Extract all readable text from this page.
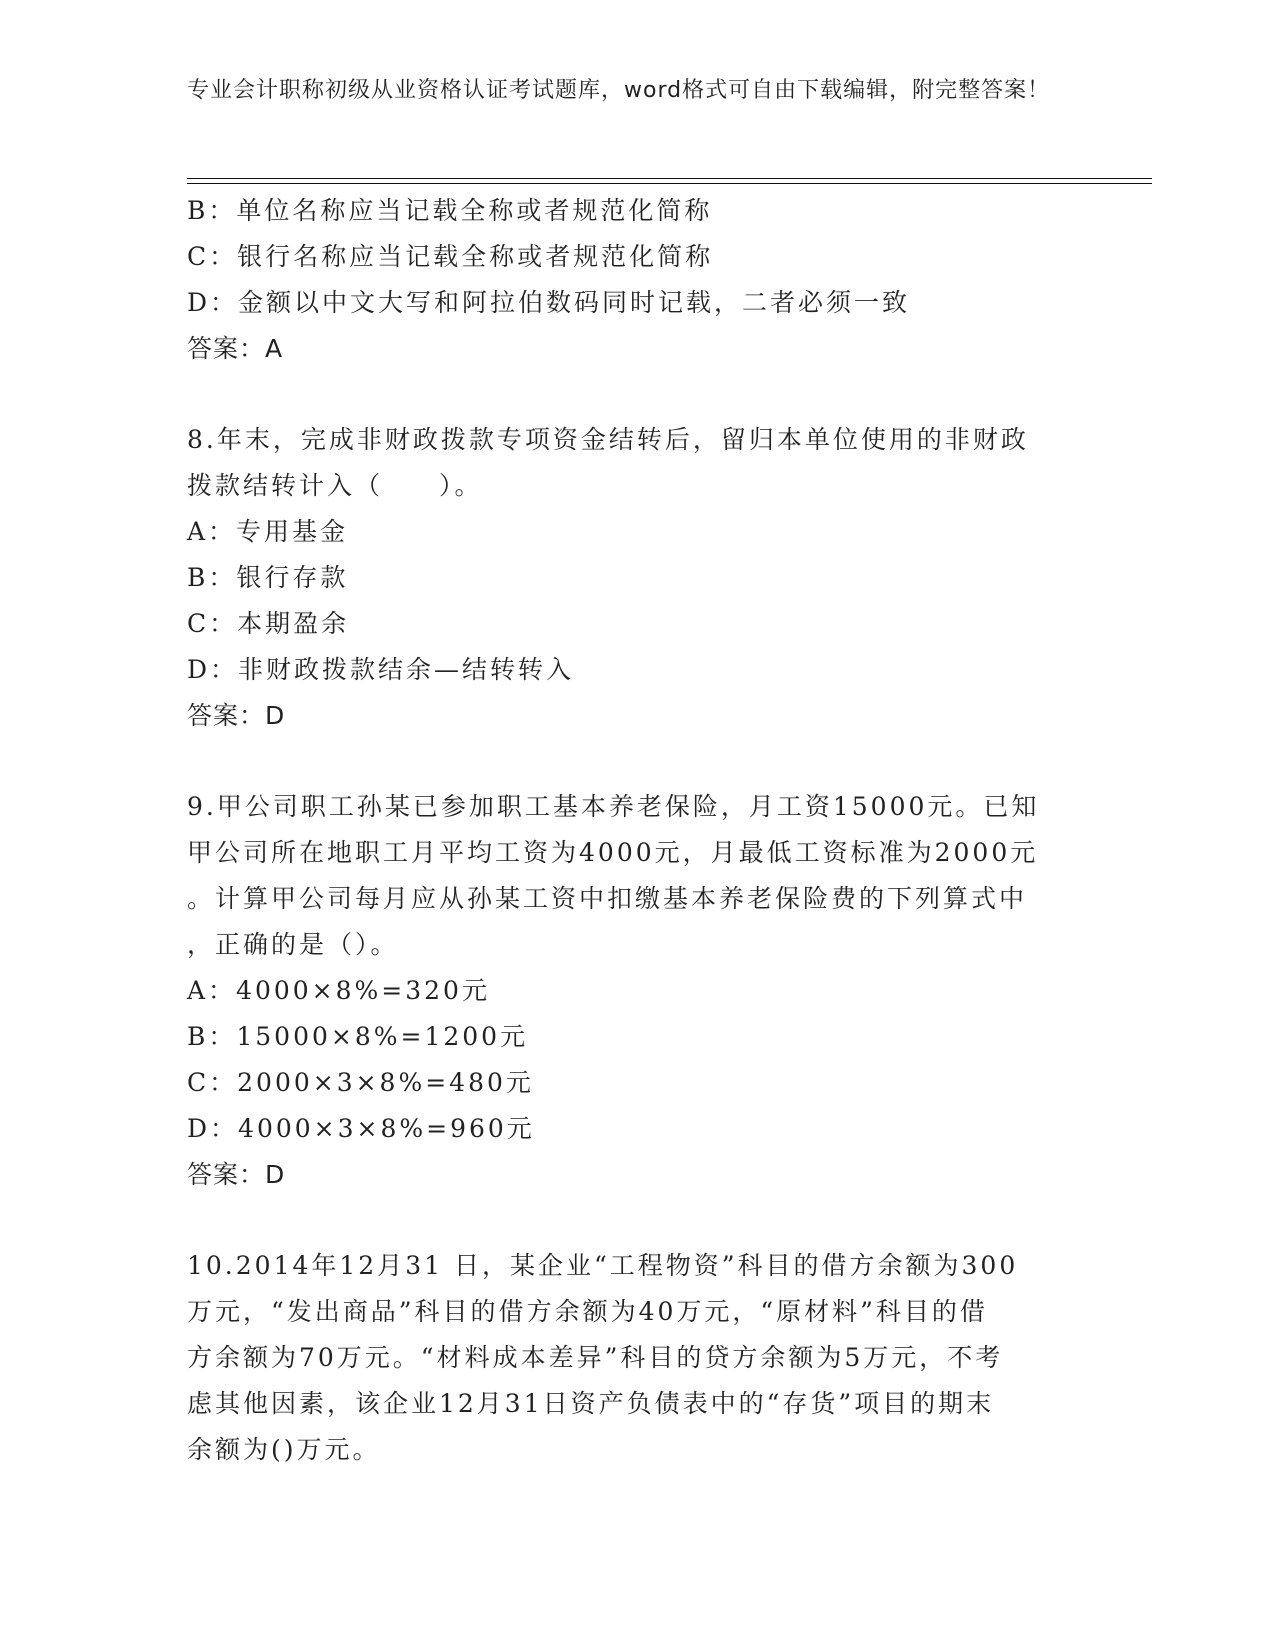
专业会计职称初级从业资格认证考试题库，word格式可自由下载编辑，附完整答案！
B：单位名称应当记载全称或者规范化简称
C：银行名称应当记载全称或者规范化简称
D：金额以中文大写和阿拉伯数码同时记载，二者必须一致
答案：A
8.年末，完成非财政拨款专项资金结转后，留归本单位使用的非财政
拨款结转计入（　　）。
A：专用基金
B：银行存款
C：本期盈余
D：非财政拨款结余—结转转入
答案：D
9.甲公司职工孙某已参加职工基本养老保险，月工资15000元。已知
甲公司所在地职工月平均工资为4000元，月最低工资标准为2000元
。计算甲公司每月应从孙某工资中扣缴基本养老保险费的下列算式中
，正确的是（）。
A：4000×8%=320元
B：15000×8%=1200元
C：2000×3×8%=480元
D：4000×3×8%=960元
答案：D
10.2014年12月31 日，某企业“工程物资”科目的借方余额为300
万元，“发出商品”科目的借方余额为40万元，“原材料”科目的借
方余额为70万元。“材料成本差异”科目的贷方余额为5万元，不考
虑其他因素，该企业12月31日资产负债表中的“存货”项目的期末
余额为()万元。
